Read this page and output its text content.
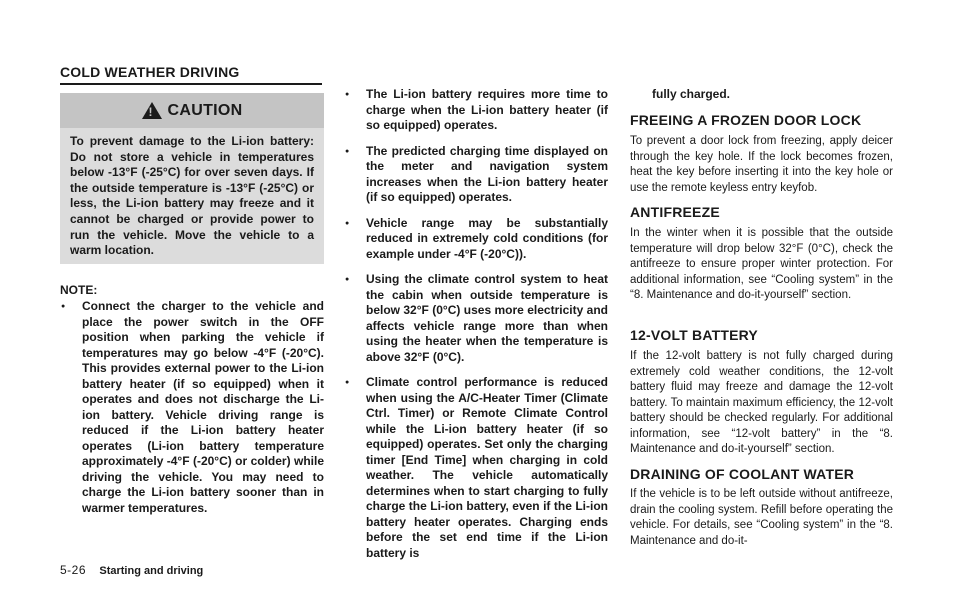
COLD WEATHER DRIVING
!
CAUTION
To prevent damage to the Li-ion battery: Do not store a vehicle in temperatures below -13°F (-25°C) for over seven days. If the outside temperature is -13°F (-25°C) or less, the Li-ion battery may freeze and it cannot be charged or provide power to run the vehicle. Move the vehicle to a warm location.
NOTE:
● Connect the charger to the vehicle and place the power switch in the OFF position when parking the vehicle if temperatures may go below -4°F (-20°C). This provides external power to the Li-ion battery heater (if so equipped) when it operates and does not discharge the Li-ion battery. Vehicle driving range is reduced if the Li-ion battery heater operates (Li-ion battery temperature approximately -4°F (-20°C) or colder) while driving the vehicle. You may need to charge the Li-ion battery sooner than in warmer temperatures.
● The Li-ion battery requires more time to charge when the Li-ion battery heater (if so equipped) operates.
● The predicted charging time displayed on the meter and navigation system increases when the Li-ion battery heater (if so equipped) operates.
● Vehicle range may be substantially reduced in extremely cold conditions (for example under -4°F (-20°C)).
● Using the climate control system to heat the cabin when outside temperature is below 32°F (0°C) uses more electricity and affects vehicle range more than when using the heater when the temperature is above 32°F (0°C).
● Climate control performance is reduced when using the A/C-Heater Timer (Climate Ctrl. Timer) or Remote Climate Control while the Li-ion battery heater (if so equipped) operates. Set only the charging timer [End Time] when charging in cold weather. The vehicle automatically determines when to start charging to fully charge the Li-ion battery, even if the Li-ion battery heater operates. Charging ends before the set end time if the Li-ion battery is
fully charged.
FREEING A FROZEN DOOR LOCK
To prevent a door lock from freezing, apply deicer through the key hole. If the lock becomes frozen, heat the key before inserting it into the key hole or use the remote keyless entry keyfob.
ANTIFREEZE
In the winter when it is possible that the outside temperature will drop below 32°F (0°C), check the antifreeze to ensure proper winter protection. For additional information, see “Cooling system” in the “8. Maintenance and do-it-yourself” section.
12-VOLT BATTERY
If the 12-volt battery is not fully charged during extremely cold weather conditions, the 12-volt battery fluid may freeze and damage the 12-volt battery. To maintain maximum efficiency, the 12-volt battery should be checked regularly. For additional information, see “12-volt battery” in the “8. Maintenance and do-it-yourself” section.
DRAINING OF COOLANT WATER
If the vehicle is to be left outside without antifreeze, drain the cooling system. Refill before operating the vehicle. For details, see “Cooling system” in the “8. Maintenance and do-it-
5-26 Starting and driving
